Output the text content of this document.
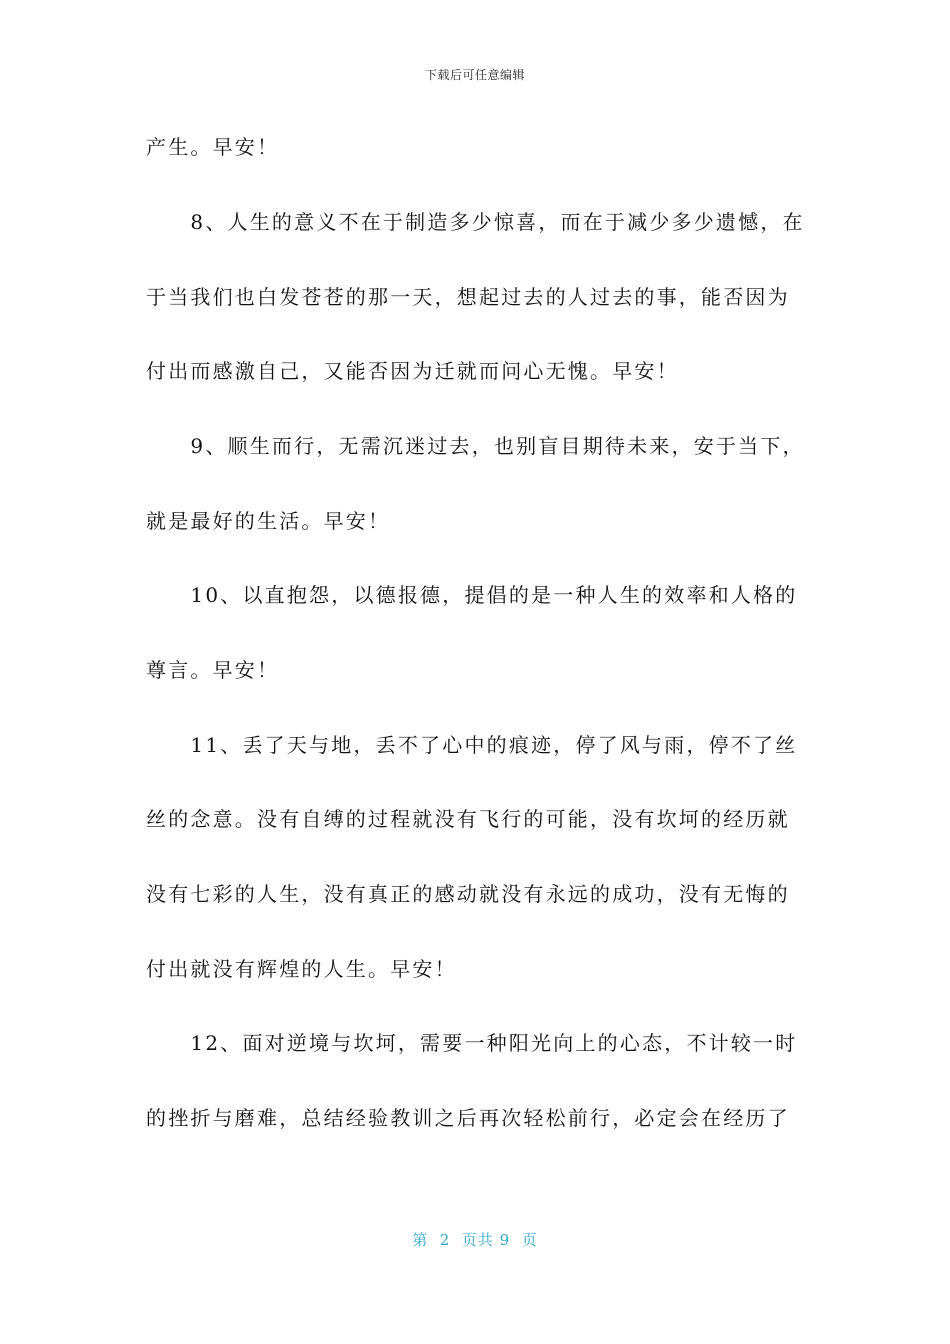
下载后可任意编辑
产生。早安！
　　8、人生的意义不在于制造多少惊喜，而在于减少多少遗憾，在
于当我们也白发苍苍的那一天，想起过去的人过去的事，能否因为
付出而感激自己，又能否因为迁就而问心无愧。早安！
　　9、顺生而行，无需沉迷过去，也别盲目期待未来，安于当下，
就是最好的生活。早安！
　　10、以直抱怨，以德报德，提倡的是一种人生的效率和人格的
尊言。早安！
　　11、丢了天与地，丢不了心中的痕迹，停了风与雨，停不了丝
丝的念意。没有自缚的过程就没有飞行的可能，没有坎坷的经历就
没有七彩的人生，没有真正的感动就没有永远的成功，没有无悔的
付出就没有辉煌的人生。早安！
　　12、面对逆境与坎坷，需要一种阳光向上的心态，不计较一时
的挫折与磨难，总结经验教训之后再次轻松前行，必定会在经历了
第  2  页共 9  页
